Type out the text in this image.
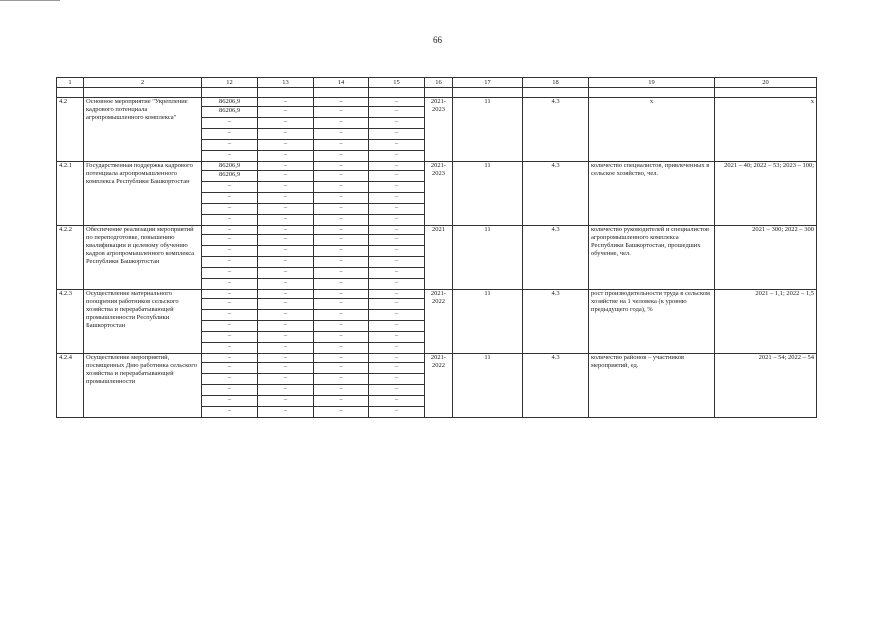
66
1	2	12	13	14	15	16	17	18	19	20

4.2	Основное мероприятие "Укрепление кадрового потенциала агропромышленного комплекса"	86206,9	–	–	–	2021-2023	11	4.3	х	х
		86206,9	–	–	–					
		–	–	–	–					
		–	–	–	–					
		–	–	–	–					
		–	–	–	–					
4.2.1	Государственная поддержка кадрового потенциала агропромышленного комплекса Республики Башкортостан	86206,9	–	–	–	2021-2023	11	4.3	количество специалистов, привлеченных в сельское хозяйство, чел.	2021 – 40; 2022 – 53; 2023 – 100;
		86206,9	–	–	–					
		–	–	–	–					
		–	–	–	–					
		–	–	–	–					
		–	–	–	–					
4.2.2	Обеспечение реализации мероприятий по переподготовке, повышению квалификации и целевому обучению кадров агропромышленного комплекса Республики Башкортостан	–	–	–	–	2021	11	4.3	количество руководителей и специалистов агропромышленного комплекса Республики Башкортостан, прошедших обучение, чел.	2021 – 300; 2022 – 300
		–	–	–	–					
		–	–	–	–					
		–	–	–	–					
		–	–	–	–					
		–	–	–	–					
4.2.3	Осуществление материального поощрения работников сельского хозяйства и перерабатывающей промышленности Республики Башкортостан	–	–	–	–	2021-2022	11	4.3	рост производительности труда в сельском хозяйстве на 1 человека (к уровню предыдущего года), %	2021 – 1,1; 2022 – 1,5
		–	–	–	–					
		–	–	–	–					
		–	–	–	–					
		–	–	–	–					
		–	–	–	–					
4.2.4	Осуществление мероприятий, посвященных Дню работника сельского хозяйства и перерабатывающей промышленности	–	–	–	–	2021-2022	11	4.3	количество районов – участников мероприятий, ед.	2021 – 54; 2022 – 54
		–	–	–	–					
		–	–	–	–					
		–	–	–	–					
		–	–	–	–					
		–	–	–	–					
